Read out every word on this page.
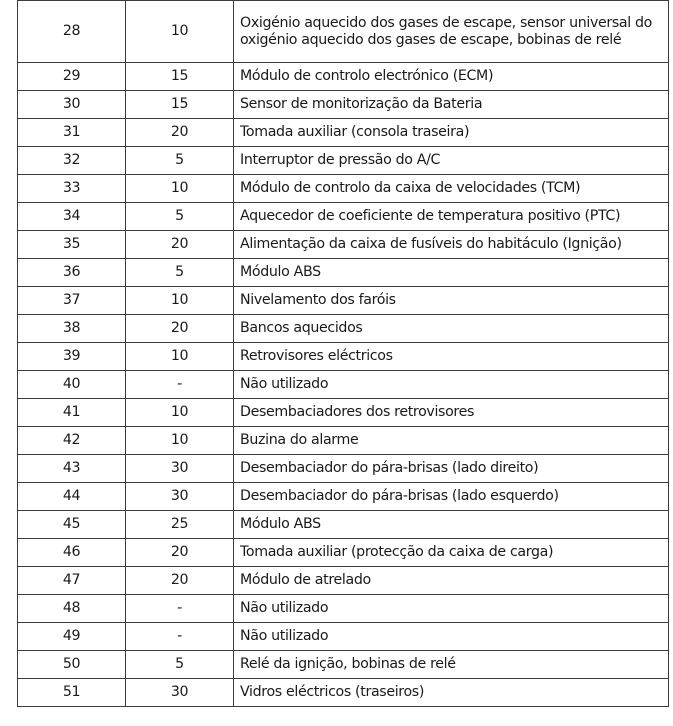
28	10	Oxigénio aquecido dos gases de escape, sensor universal do oxigénio aquecido dos gases de escape, bobinas de relé
29	15	Módulo de controlo electrónico (ECM)
30	15	Sensor de monitorização da Bateria
31	20	Tomada auxiliar (consola traseira)
32	5	Interruptor de pressão do A/C
33	10	Módulo de controlo da caixa de velocidades (TCM)
34	5	Aquecedor de coeficiente de temperatura positivo (PTC)
35	20	Alimentação da caixa de fusíveis do habitáculo (Ignição)
36	5	Módulo ABS
37	10	Nivelamento dos faróis
38	20	Bancos aquecidos
39	10	Retrovisores eléctricos
40	-	Não utilizado
41	10	Desembaciadores dos retrovisores
42	10	Buzina do alarme
43	30	Desembaciador do pára-brisas (lado direito)
44	30	Desembaciador do pára-brisas (lado esquerdo)
45	25	Módulo ABS
46	20	Tomada auxiliar (protecção da caixa de carga)
47	20	Módulo de atrelado
48	-	Não utilizado
49	-	Não utilizado
50	5	Relé da ignição, bobinas de relé
51	30	Vidros eléctricos (traseiros)
